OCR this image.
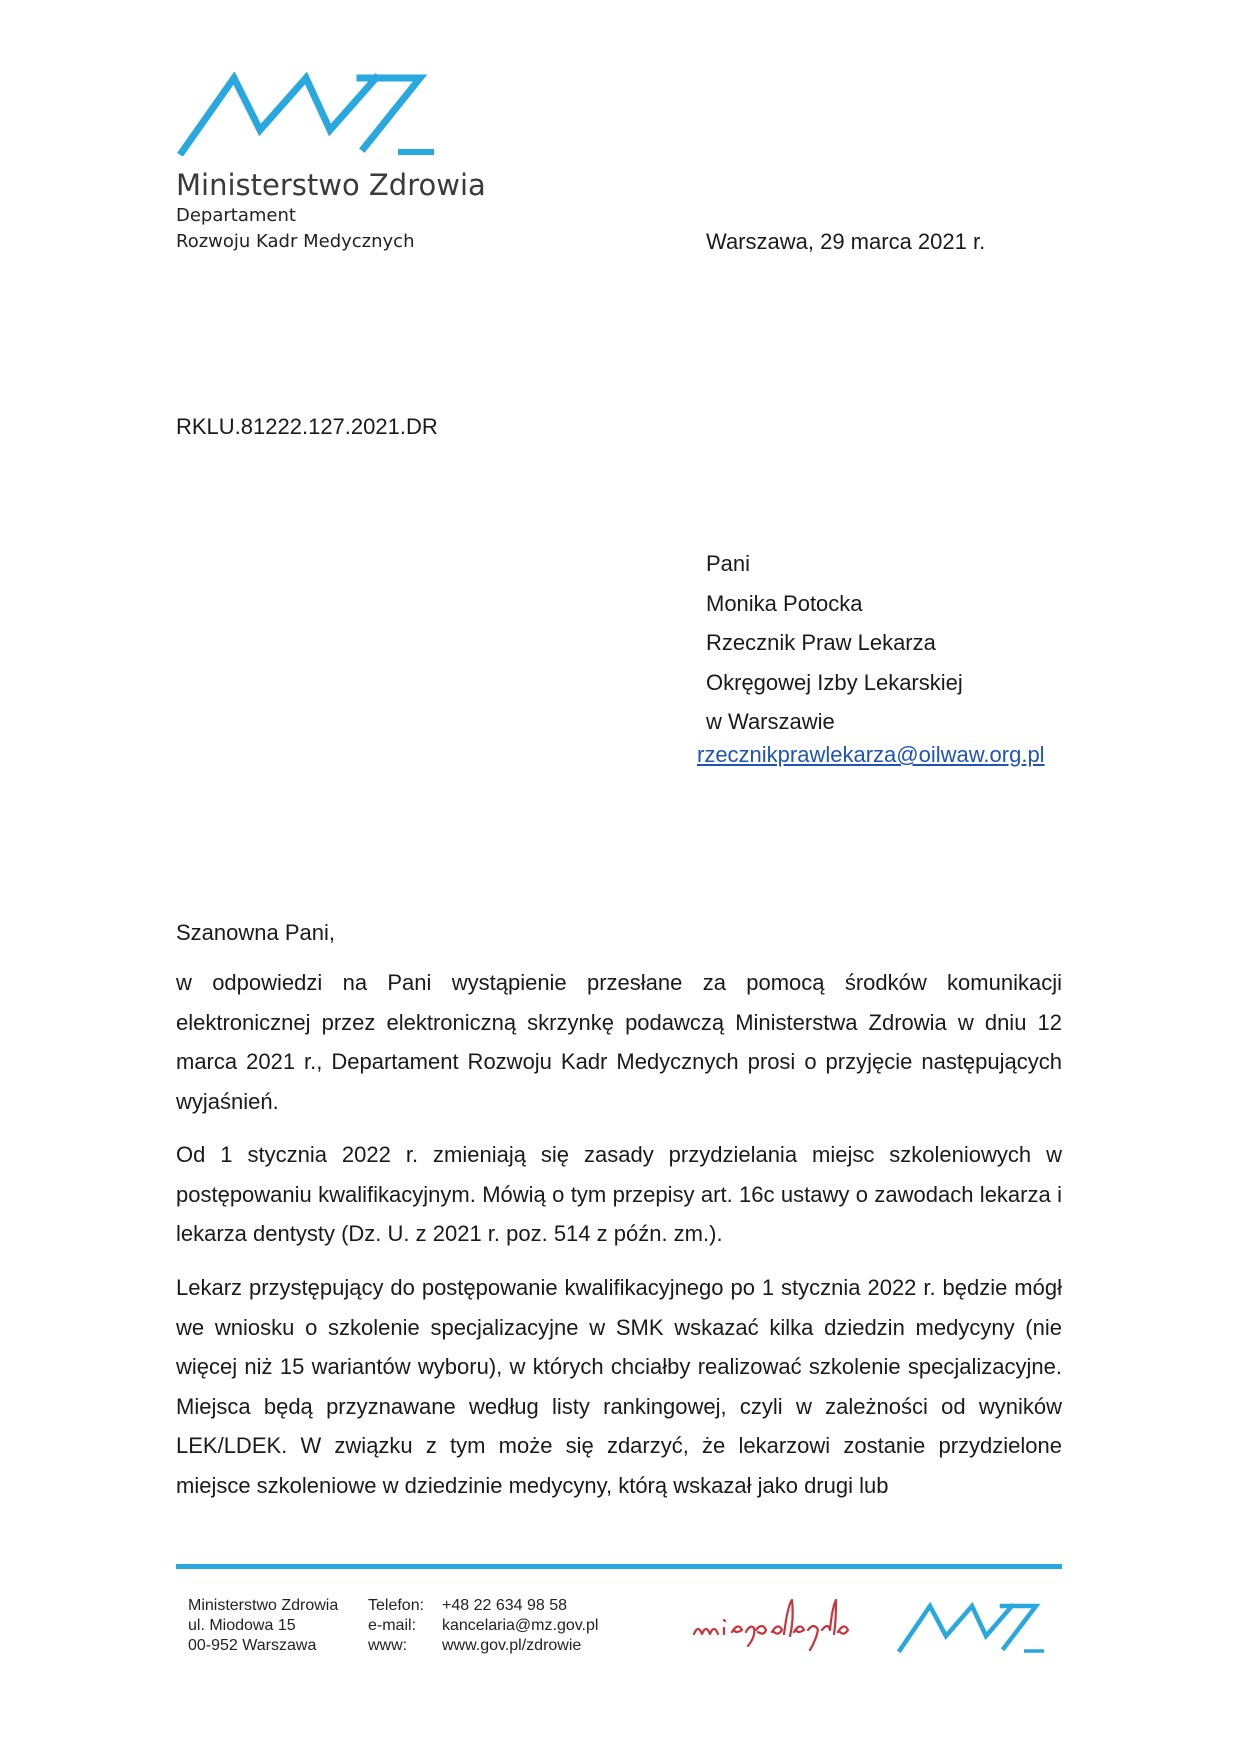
Ministerstwo Zdrowia
Departament
Rozwoju Kadr Medycznych	Warszawa, 29 marca 2021 r.
RKLU.81222.127.2021.DR
Pani
Monika Potocka
Rzecznik Praw Lekarza
Okręgowej Izby Lekarskiej
w Warszawie
rzecznikprawlekarza@oilwaw.org.pl
Szanowna Pani,

w odpowiedzi na Pani wystąpienie przesłane za pomocą środków komunikacji elektronicznej przez elektroniczną skrzynkę podawczą Ministerstwa Zdrowia w dniu 12 marca 2021 r., Departament Rozwoju Kadr Medycznych prosi o przyjęcie następujących wyjaśnień.

Od 1 stycznia 2022 r. zmieniają się zasady przydzielania miejsc szkoleniowych w postępowaniu kwalifikacyjnym. Mówią o tym przepisy art. 16c ustawy o zawodach lekarza i lekarza dentysty (Dz. U. z 2021 r. poz. 514 z późn. zm.).

Lekarz przystępujący do postępowanie kwalifikacyjnego po 1 stycznia 2022 r. będzie mógł we wniosku o szkolenie specjalizacyjne w SMK wskazać kilka dziedzin medycyny (nie więcej niż 15 wariantów wyboru), w których chciałby realizować szkolenie specjalizacyjne. Miejsca będą przyznawane według listy rankingowej, czyli w zależności od wyników LEK/LDEK. W związku z tym może się zdarzyć, że lekarzowi zostanie przydzielone miejsce szkoleniowe w dziedzinie medycyny, którą wskazał jako drugi lub

Ministerstwo Zdrowia
ul. Miodowa 15
00-952 Warszawa
Telefon:
e-mail:
www:
+48 22 634 98 58
kancelaria@mz.gov.pl
www.gov.pl/zdrowie
